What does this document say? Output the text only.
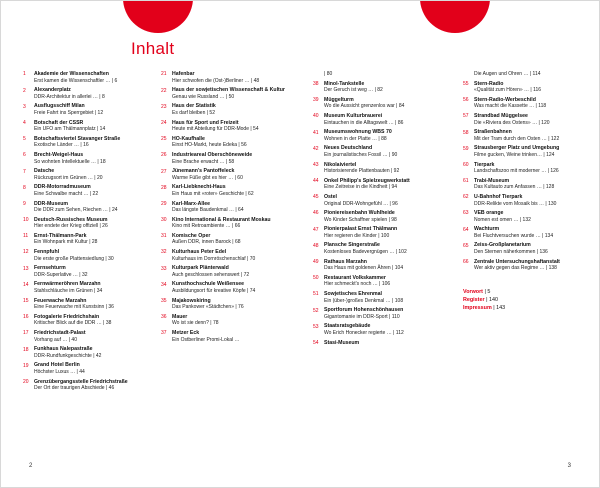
Inhalt
1	Akademie der Wissenschaften
Erst kamen die Wissenschaftler … | 6
2	Alexanderplatz
DDR-Architektur in allerlei … | 8
3	Ausflugsschiff Milan
Freie Fahrt ins Sperrgebiet | 12
4	Botschaft der CSSR
Ein UFO am Thälmannplatz | 14
5	Botschaftsviertel Stavanger Straße
Exotische Länder … | 16
6	Brecht-Weigel-Haus
So wohnten Intellektuelle … | 18
7	Datsche
Rückzugsort im Grünen … | 20
8	DDR-Motorradmuseum
Eine Schwalbe macht … | 22
9	DDR-Museum
Die DDR zum Sehen, Riechen … | 24
10	Deutsch-Russisches Museum
Hier endete der Krieg offiziell | 26
11	Ernst-Thälmann-Park
Ein Wohnpark mit Kultur | 28
12	Fennpfuhl
Die erste große Plattensiedlung | 30
13	Fernsehturm
DDR-Superlative … | 32
14	Fernwärmeröhren Marzahn
Stahlschläuche im Grünen | 34
15	Feuerwache Marzahn
Eine Feuerwache mit Kunstsinn | 36
16	Fotogalerie Friedrichshain
Kritischer Blick auf die DDR … | 38
17	Friedrichstadt-Palast
Vorhang auf … | 40
18	Funkhaus Nalepastraße
DDR-Rundfunkgeschichte | 42
19	Grand Hotel Berlin
Höchster Luxus … | 44
20	Grenzübergangsstelle Friedrichstraße
Der Ort der traurigen Abschiede | 46
21	Hafenbar
Hier schwofen die (Ost-)Berliner … | 48
22	Haus der sowjetischen Wissenschaft & Kultur
Genau wie Russland … | 50
23	Haus der Statistik
Es darf bleiben | 52
24	Haus für Sport und Freizeit
Heute mit Abteilung für DDR-Mode | 54
25	HO-Kaufhalle
Einst HO-Markt, heute Edeka | 56
26	Industrieareal Oberschöneweide
Eine Brache erwacht … | 58
27	Jünemann's Pantoffeleck
Warme Füße gibt es hier … | 60
28	Karl-Liebknecht-Haus
Ein Haus mit «roter» Geschichte | 62
29	Karl-Marx-Allee
Das längste Baudenkmal … | 64
30	Kino International & Restaurant Moskau
Kino mit Retroambiente … | 66
31	Komische Oper
Außen DDR, innen Barock | 68
32	Kulturhaus Peter Edel
Kulturhaus im Dornröschenschlaf | 70
33	Kulturpark Plänterwald
Auch geschlossen sehenswert | 72
34	Kunsthochschule Weißensee
Ausbildungsort für kreative Köpfe | 74
35	Majakowskiring
Das Pankower «Städtchen» | 76
36	Mauer
Wo ist sie denn? | 78
37	Metzer Eck
Ein Ostberliner Promi-Lokal …
| 80
38	Minol-Tankstelle
Der Geruch ist weg … | 82
39	Müggelturm
Wo die Aussicht grenzenlos war | 84
40	Museum Kulturbrauerei
Eintauchen in die Alltagswelt … | 86
41	Museumswohnung WBS 70
Wohnen in der Platte … | 88
42	Neues Deutschland
Ein journalistisches Fossil … | 90
43	Nikolaiviertel
Historisierende Plattenbauten | 92
44	Onkel Philipp's Spielzeugwerkstatt
Eine Zeitreise in die Kindheit | 94
45	Ostel
Original DDR-Wohngefühl … | 96
46	Pioniereisenbahn Wuhlheide
Wo Kinder Schaffner spielen | 98
47	Pionierpalast Ernst Thälmann
Hier regieren die Kinder | 100
48	Plansche Singerstraße
Kostenloses Badevergnügen … | 102
49	Rathaus Marzahn
Das Haus mit goldenen Ähren | 104
50	Restaurant Volkskammer
Hier schmeckt's noch … | 106
51	Sowjetisches Ehrenmal
Ein (über-)großes Denkmal … | 108
52	Sportforum Hohenschönhausen
Gigantomanie im DDR-Sport | 110
53	Staatsratsgebäude
Wo Erich Honecker regierte … | 112
54	Stasi-Museum
Die Augen und Ohren … | 114
55	Stern-Radio
«Qualität zum Hören» … | 116
56	Stern-Radio-Werbeschild
Was macht die Kassette … | 118
57	Strandbad Müggelsee
Die «Riviera des Ostens» … | 120
58	Straßenbahnen
Mit der Tram durch den Osten … | 122
59	Strausberger Platz und Umgebung
Filme gucken, Weine trinken… | 124
60	Tierpark
Landschaftszoo mit moderner … | 126
61	Trabi-Museum
Das Kultauto zum Anfassen … | 128
62	U-Bahnhof Tierpark
DDR-Relikte vom Mosaik bis … | 130
63	VEB orange
Nomen est omen … | 132
64	Wachturm
Bei Fluchtversuchen wurde … | 134
65	Zeiss-Großplanetarium
Den Sternen näherkommen | 136
66	Zentrale Untersuchungshaftanstalt
Wer aktiv gegen das Regime … | 138
Vorwort | 5
Register | 140
Impressum | 143
2	3
